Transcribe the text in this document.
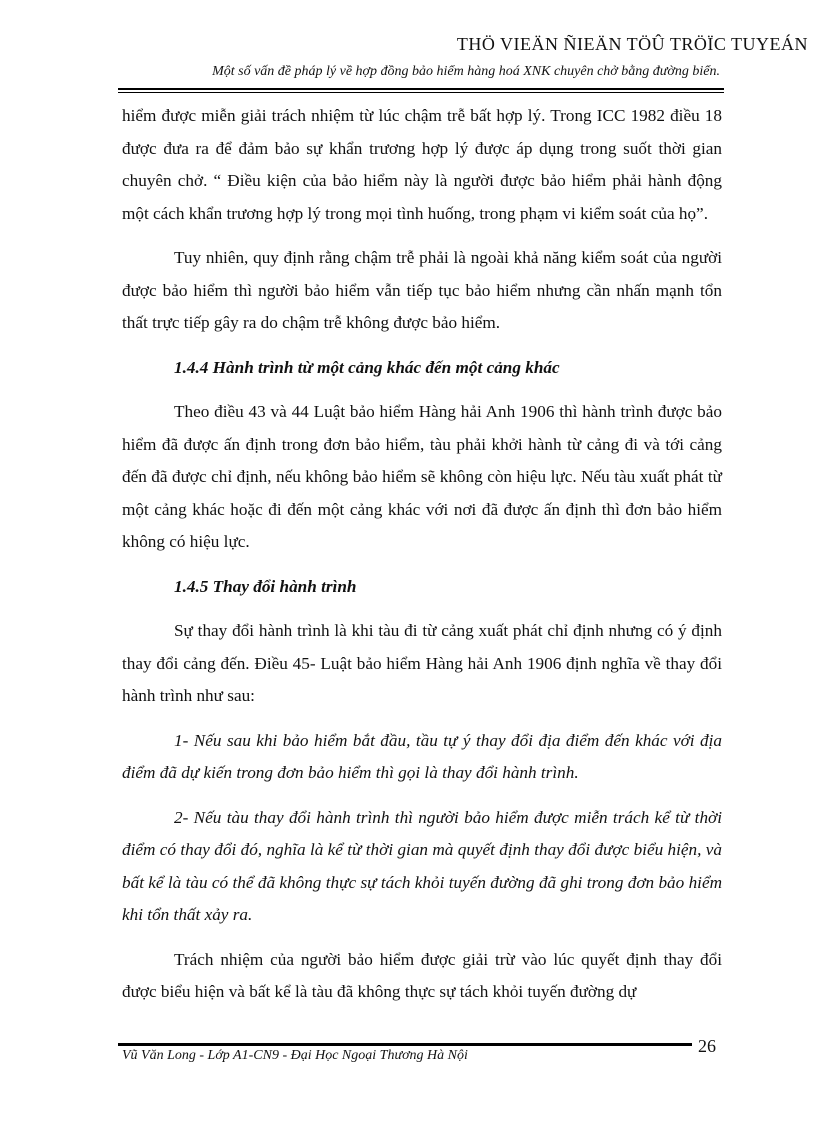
THÖ VIEÄN ÑIEÄN TÖÛ TRÖÏC TUYEÁN
Một số vấn đề pháp lý về hợp đồng bảo hiểm hàng hoá XNK chuyên chở bằng đường biển.

hiểm được miễn giải trách nhiệm từ lúc chậm trễ bất hợp lý. Trong ICC 1982 điều 18 được đưa ra để đảm bảo sự khẩn trương hợp lý được áp dụng trong suốt thời gian chuyên chở. “ Điều kiện của bảo hiểm này là người được bảo hiểm phải hành động một cách khẩn trương hợp lý trong mọi tình huống, trong phạm vi kiểm soát của họ”.

Tuy nhiên, quy định rằng chậm trễ phải là ngoài khả năng kiểm soát của người được bảo hiểm thì người bảo hiểm vẫn tiếp tục bảo hiểm nhưng cần nhấn mạnh tổn thất trực tiếp gây ra do chậm trễ không được bảo hiểm.

1.4.4 Hành trình từ một cảng khác đến một cảng khác

Theo điều 43 và 44 Luật bảo hiểm Hàng hải Anh 1906 thì hành trình được bảo hiểm đã được ấn định trong đơn bảo hiểm, tàu phải khởi hành từ cảng đi và tới cảng đến đã được chỉ định, nếu không bảo hiểm sẽ không còn hiệu lực. Nếu tàu xuất phát từ một cảng khác hoặc đi đến một cảng khác với nơi đã được ấn định thì đơn bảo hiểm không có hiệu lực.

1.4.5 Thay đổi hành trình

Sự thay đổi hành trình là khi tàu đi từ cảng xuất phát chỉ định nhưng có ý định thay đổi cảng đến. Điều 45- Luật bảo hiểm Hàng hải Anh 1906 định nghĩa về thay đổi hành trình như sau:

1- Nếu sau khi bảo hiểm bắt đầu, tầu tự ý thay đổi địa điểm đến khác với địa điểm đã dự kiến trong đơn bảo hiểm thì gọi là thay đổi hành trình.

2- Nếu tàu thay đổi hành trình thì người bảo hiểm được miễn trách kể từ thời điểm có thay đổi đó, nghĩa là kể từ thời gian mà quyết định thay đổi được biểu hiện, và bất kể là tàu có thể đã không thực sự tách khỏi tuyến đường đã ghi trong đơn bảo hiểm khi tổn thất xảy ra.

Trách nhiệm của người bảo hiểm được giải trừ vào lúc quyết định thay đổi được biểu hiện và bất kể là tàu đã không thực sự tách khỏi tuyến đường dự

Vũ Văn Long - Lớp A1-CN9 - Đại Học Ngoại Thương Hà Nội	26
